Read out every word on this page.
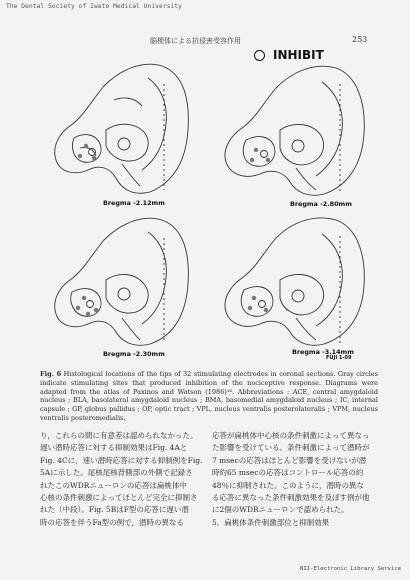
The Dental Society of Iwate Medical University
脳梗体による抗侵害受容作用	253
INHIBIT
Bregma -2.12mm	Bregma -2.80mm
Bregma -2.30mm	Bregma -3.14mm
FUJI 1-09
Fig. 6 Histological locations of the tips of 32 stimulating electrodes in coronal sections. Gray circles indicate stimulating sites that produced inhibition of the nociceptive response. Diagrams were adapted from the atlas of Paxinos and Watson (1986)¹⁶. Abbreviations : ACE, central amygdaloid nucleus ; BLA, basolateral amygdaloid nucleus ; BMA, basomedial amygdaloid nucleus ; IC, internal capsule ; GP, globus pallidus ; OP, optic tract ; VPL, nucleus ventralis posterolateralis ; VPM, nucleus ventralis posteromedialis.

り，これらの間に有意差は認められなかった。

遅い潜時応答に対する抑制効果はFig. 4Aと

Fig. 4Cに，速い潜時応答に対する抑制例をFig.

5Aに示した。尾核尾核背側部の外側で記録さ

れたこのWDRニューロンの応答は扁桃体中

心核の条件刺激によってほとんど完全に抑制さ

れた（中段）。Fig. 5BはF型の応答に遅い潜

時の応答を伴うFa型の例で，潜時の異なる

応答が扁桃体中心核の条件刺激によって異なっ

た影響を受けている。条件刺激によって潜時が

7 msecの応答はほとんど影響を受けないが潜

時約65 msecの応答はコントロール応答の約

48％に抑制された。このように，潜時の異な

る応答に異なった条件刺激効果を及ぼす例が他

に2個のWDRニューロンで認められた。

5．扁桃体条件刺激部位と抑制効果

NII-Electronic Library Service
